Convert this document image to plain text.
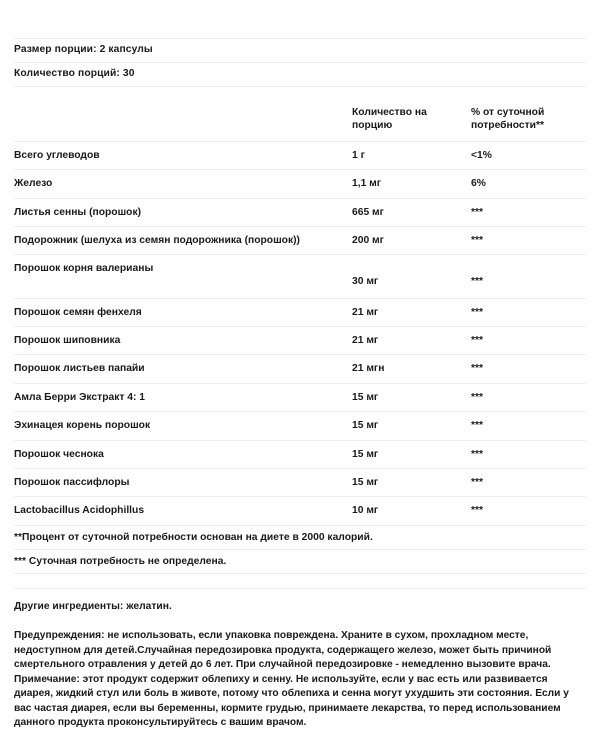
Размер порции: 2 капсулы
Количество порций: 30
	Количество на порцию	% от суточной потребности**
Всего углеводов	1 г	<1%
Железо	1,1 мг	6%
Листья сенны (порошок)	665 мг	***
Подорожник (шелуха из семян подорожника (порошок))	200 мг	***
Порошок корня валерианы	30 мг	***
Порошок семян фенхеля	21 мг	***
Порошок шиповника	21 мг	***
Порошок листьев папайи	21 мгн	***
Амла Берри Экстракт 4: 1	15 мг	***
Эхинацея корень порошок	15 мг	***
Порошок чеснока	15 мг	***
Порошок пассифлоры	15 мг	***
Lactobacillus Acidophillus	10 мг	***
**Процент от суточной потребности основан на диете в 2000 калорий.
*** Суточная потребность не определена.
Другие ингредиенты: желатин.
Предупреждения: не использовать, если упаковка повреждена. Храните в сухом, прохладном месте, недоступном для детей.Случайная передозировка продукта, содержащего железо, может быть причиной смертельного отравления у детей до 6 лет. При случайной передозировке - немедленно вызовите врача. Примечание: этот продукт содержит облепиху и сенну. Не используйте, если у вас есть или развивается диарея, жидкий стул или боль в животе, потому что облепиха и сенна могут ухудшить эти состояния. Если у вас частая диарея, если вы беременны, кормите грудью, принимаете лекарства, то перед использованием данного продукта проконсультируйтесь с вашим врачом.
